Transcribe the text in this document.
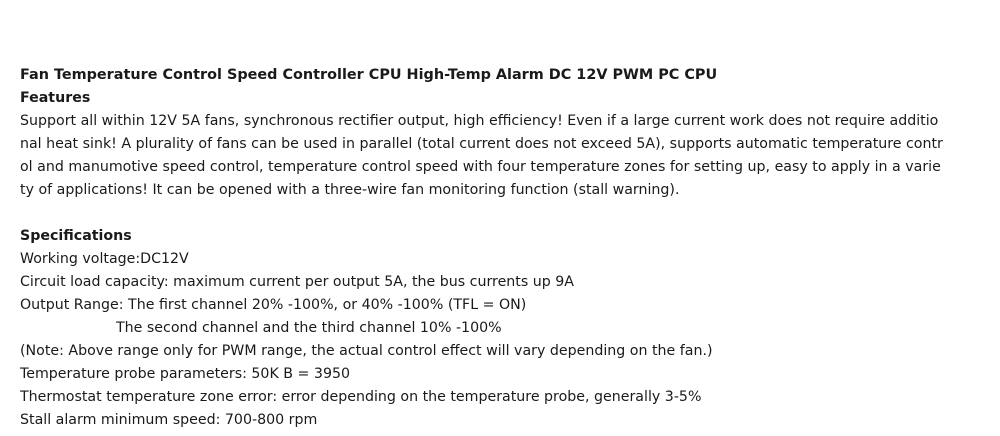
Fan Temperature Control Speed Controller CPU High-Temp Alarm DC 12V PWM PC CPU
Features
Support all within 12V 5A fans, synchronous rectifier output, high efficiency! Even if a large current work does not require additio
nal heat sink! A plurality of fans can be used in parallel (total current does not exceed 5A), supports automatic temperature contr
ol and manumotive speed control, temperature control speed with four temperature zones for setting up, easy to apply in a varie
ty of applications! It can be opened with a three-wire fan monitoring function (stall warning).
Specifications
Working voltage:DC12V
Circuit load capacity: maximum current per output 5A, the bus currents up 9A
Output Range: The first channel 20% -100%, or 40% -100% (TFL = ON)
The second channel and the third channel 10% -100%
(Note: Above range only for PWM range, the actual control effect will vary depending on the fan.)
Temperature probe parameters: 50K B = 3950
Thermostat temperature zone error: error depending on the temperature probe, generally 3-5%
Stall alarm minimum speed: 700-800 rpm
